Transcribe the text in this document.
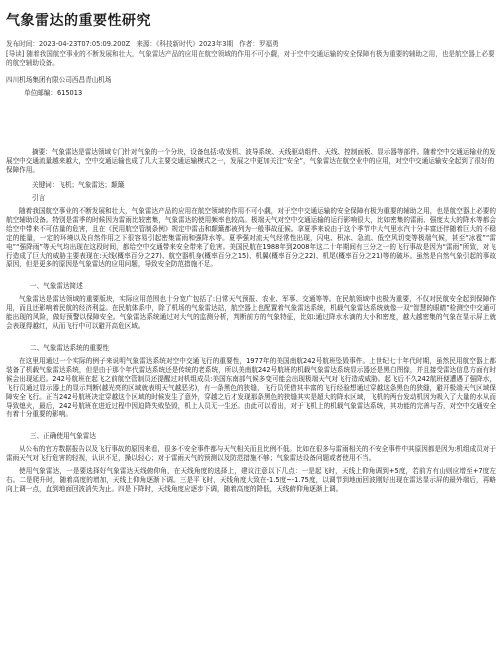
气象雷达的重要性研究
发布时间：2023-04-23T07:05:09.200Z 来源：《科技新时代》2023年3期 作者：罗福勇
[导读] 随着我国航空事业的不断发展和壮大，气象雷达产品的应用在航空领域的作用不可小觑，对于空中交通运输的安全保障有极为重要的辅助之用，也是航空器上必要的航空辅助设备。
四川机场集团有限公司西昌青山机场
单位邮编：615013

摘要：气象雷达是雷达领域专门针对气象的一个分块，设备包括:收发机、波导系统、天线驱动组件、天线、控制面板、显示器等部件。随着空中交通运输业的发展空中交通流量越来越大，空中交通运输也成了几大主要交通运输模式之一，发展之中更加关注“安全”，气象雷达在航空业中的应用，对空中交通运输安全起到了很好的保障作用。

关键词：飞机；气象雷达；颠簸
引言

随着我国航空事业的不断发展和壮大，气象雷达产品的应用在航空领域的作用不可小觑，对于空中交通运输的安全保障有极为重要的辅助之用，也是航空器上必要的航空辅助设备。特别是雷季的时候因为雷雨比较密集，气象雷达的使用频率也较高。极端天气对空中交通运输的运行影响很大，比如密集的雷雨、强度太大的降水等都会给空中带来不可估量的危害，且在《民用航空管制条例》规定中雷击和颠簸都被列为一般事故征候。拿夏季来说由于这个季节中大气里水汽十分丰富还伴随着巨大的不稳定的能量，一定的环境以及自然作用之下很容易引起密集雷雨和强降水等。夏季强对流天气经常性出现，闪电、积冰、急流、低空风切变等极端气候，甚至“冰雹”“雷电”“强降雨”等天气均出现在这段时间，都给空中交通带来安全带来了危害。美国民航在1988年到2008年这二十年期间有三分之一的飞行事故是因为“雷雨”所致，对飞行造成了巨大的威胁主要表现在:天线(概率百分之27)、航空器机身(概率百分之15)、机翼(概率百分之22)、机尾(概率百分之21)等的破坏。虽然是自然气象引起的事故原因，但是更多的原因是气象雷达的应用问题，导致安全防范措施不足。

一、气象雷达简述

气象雷达是雷达领域的重要版块，实际应用范围也十分宽广包括了:日常天气预报、农业、军事、交通等等。在民航领域中也极为重要，不仅对民航安全起到保障作用，而且还影响着民航的经济利益。在民航体系中，除了机场的气象雷达站，航空器上也配置着气象雷达系统，机载气象雷达系统就像一双“智慧的眼睛”检测空中交通可能出现的风险，做好预警以保障安全。气象雷达系统通过对大气的监测分析，判断前方的气象特征，比如:通过降水水滴的大小和密度，越大越密集的气象在显示屏上就会表现得越红，从而飞行中可以避开高危区域。

二、气象雷达系统的重要性

在这里用通过一个实际的例子来说明气象雷达系统对空中交通飞行的重要性，1977年的美国南航242号航班坠毁事件。上世纪七十年代时期，虽然民用航空器上都装备了机载气象雷达系统，但是由于那个年代雷达系统还是传统的老系统，所以美南航242号航班的机载气象雷达系统显示器还是黑白图像，并且接受雷达信息方面有时候会出现延迟。242号航班在起飞之前航空管制员还提醒过对机组成员:美国东南部气候多变可能会出现极端天气对飞行造成威胁。起飞后不久242航班便遭遇了强降水，飞行员通过显示器上的显示判断(越光亮的区域就表明天气越恶劣)，有一条黑色的狭缝，飞行员凭借其丰富的飞行经验想通过穿越这条黑色的狭缝，避开极端天气区域保障安全飞行。正当242号航班决定穿越这个区域的时候发生了意外，穿越之后才发现那条黑色的狭缝其实是超大的降水区域，飞机的两台发动机因为吸入了大量的水从而导致熄火，最后，242号航班在进近过程中因迫降失败坠毁，机上人员无一生还。由此可以看出，对于飞机上的机载气象雷达系统，其功能的完善与否，对空中交通安全有着十分重要的影响。

三、正确使用气象雷达

从公布的官方数据报告以及飞行事故的原因来看，很多不安全事件都与天气相关而且比例不低。比如在很多与雷雨相关的不安全事件中其原因都是因为:机组成员对于雷雨天气对飞行危害的轻视，认识不足，操以轻心；对于雷雨天气的预测以及防范措施不够；气象雷达设备问题或者使用不当。

使用气象雷达，一是要选择好气象雷达天线俯仰角，在天线角度的选择上，建议注意以下几点：一是起飞时，天线上仰角调到+5度，若前方有山则应增至+7度左右。二是爬升时，随着高度的增加，天线上仰角逐渐下调。三是平飞时，天线角度大致在-1.5度~-1.75度，以调节到地面回波刚好出现在雷达显示屏的最外端后，再略向上调一点，直到地面回波消失为止。四是下降时，天线角度应逐步下调，随着高度的降低，天线俯仰角逐渐上调。
